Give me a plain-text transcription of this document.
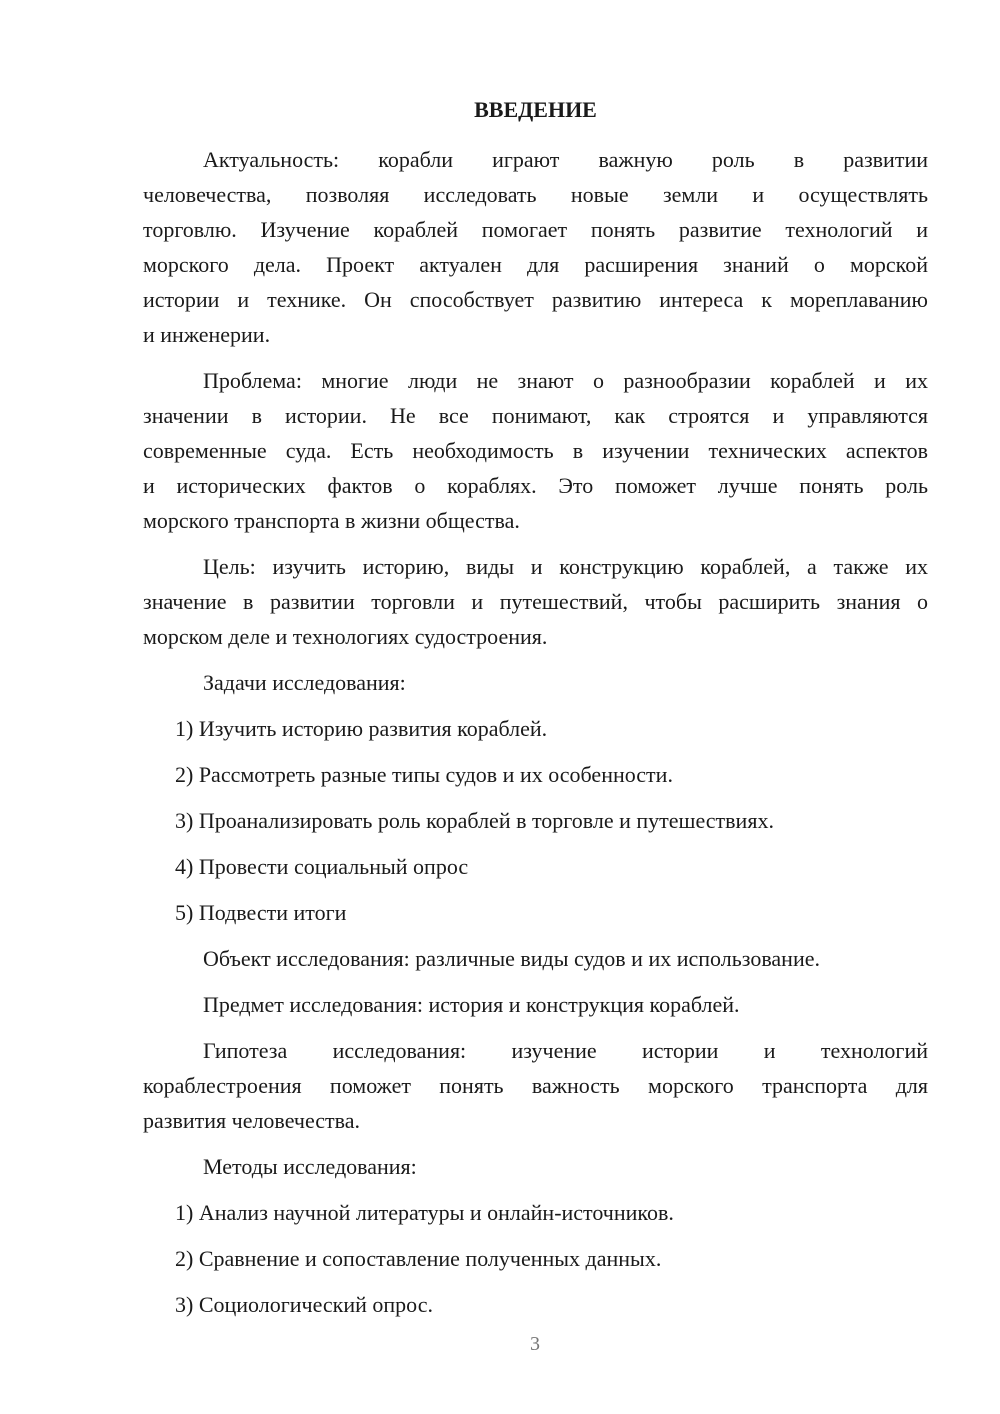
ВВЕДЕНИЕ
Актуальность: корабли играют важную роль в развитии
человечества, позволяя исследовать новые земли и осуществлять
торговлю. Изучение кораблей помогает понять развитие технологий и
морского дела. Проект актуален для расширения знаний о морской
истории и технике. Он способствует развитию интереса к мореплаванию
и инженерии.
Проблема: многие люди не знают о разнообразии кораблей и их
значении в истории. Не все понимают, как строятся и управляются
современные суда. Есть необходимость в изучении технических аспектов
и исторических фактов о кораблях. Это поможет лучше понять роль
морского транспорта в жизни общества.
Цель: изучить историю, виды и конструкцию кораблей, а также их
значение в развитии торговли и путешествий, чтобы расширить знания о
морском деле и технологиях судостроения.
Задачи исследования:
1) Изучить историю развития кораблей.
2) Рассмотреть разные типы судов и их особенности.
3) Проанализировать роль кораблей в торговле и путешествиях.
4) Провести социальный опрос
5) Подвести итоги
Объект исследования: различные виды судов и их использование.
Предмет исследования: история и конструкция кораблей.
Гипотеза исследования: изучение истории и технологий
кораблестроения поможет понять важность морского транспорта для
развития человечества.
Методы исследования:
1) Анализ научной литературы и онлайн-источников.
2) Сравнение и сопоставление полученных данных.
3) Социологический опрос.
3
